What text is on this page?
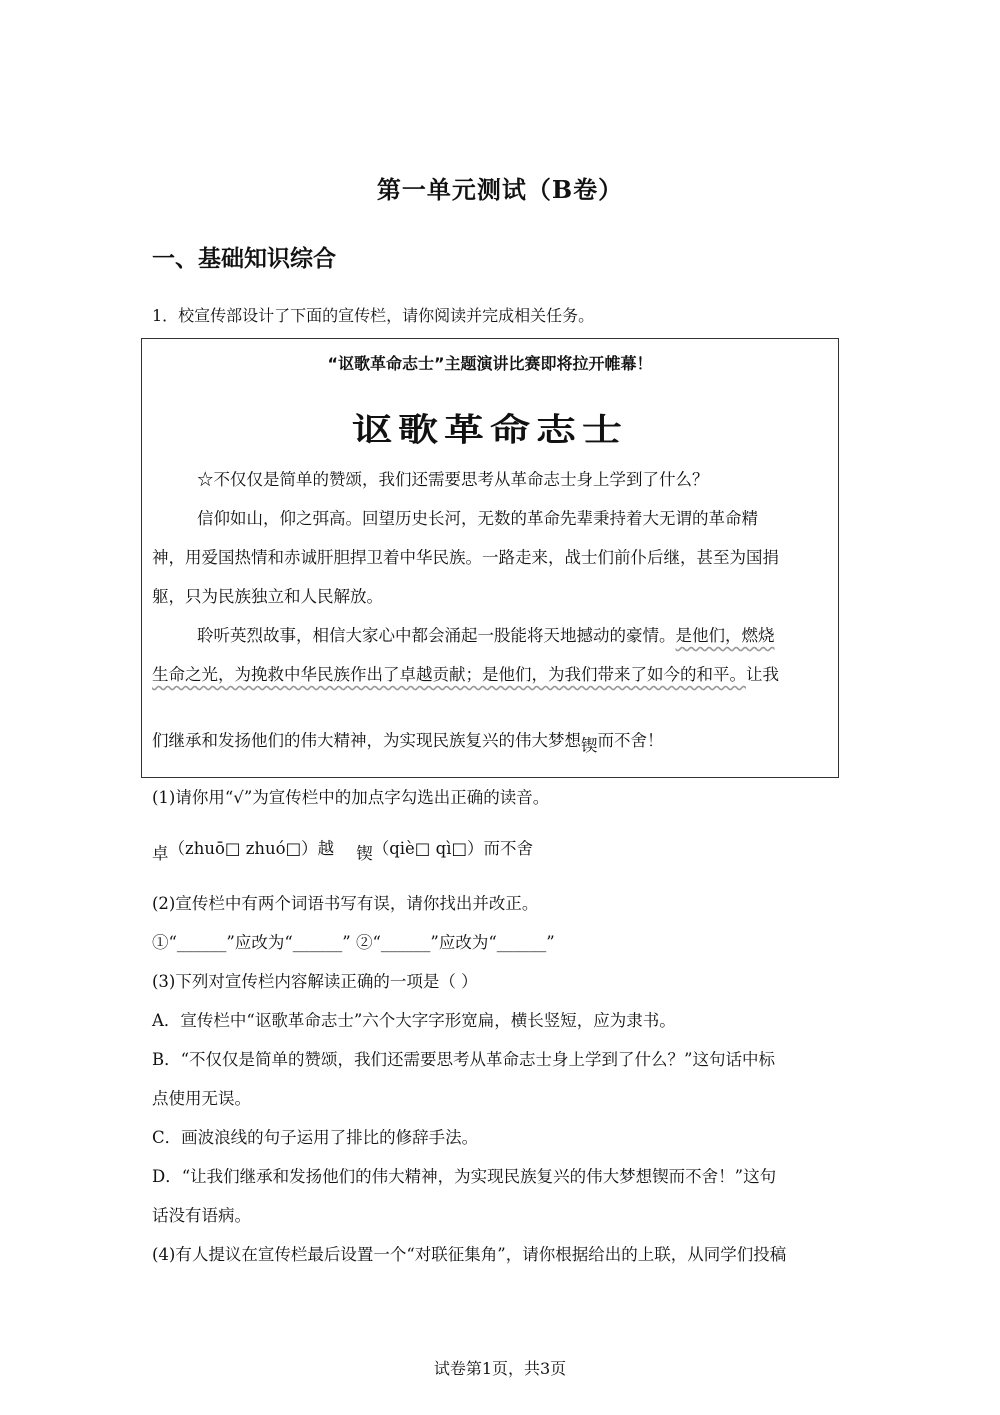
第一单元测试（B卷）
一、基础知识综合
1．校宣传部设计了下面的宣传栏，请你阅读并完成相关任务。
“讴歌革命志士”主题演讲比赛即将拉开帷幕！
讴歌革命志士
☆不仅仅是简单的赞颂，我们还需要思考从革命志士身上学到了什么？
信仰如山，仰之弭高。回望历史长河，无数的革命先辈秉持着大无谓的革命精
神，用爱国热情和赤诚肝胆捍卫着中华民族。一路走来，战士们前仆后继，甚至为国捐
躯，只为民族独立和人民解放。
聆听英烈故事，相信大家心中都会涌起一股能将天地撼动的豪情。是他们，燃烧
生命之光，为挽救中华民族作出了卓越贡献；是他们，为我们带来了如今的和平。让我
们继承和发扬他们的伟大精神，为实现民族复兴的伟大梦想锲而不舍！
(1)请你用“√”为宣传栏中的加点字勾选出正确的读音。
卓（zhuō□ zhuó□）越 锲（qiè□ qì□）而不舍
(2)宣传栏中有两个词语书写有误，请你找出并改正。
①“______”应改为“______” ②“______”应改为“______”
(3)下列对宣传栏内容解读正确的一项是（ ）
A．宣传栏中“讴歌革命志士”六个大字字形宽扁，横长竖短，应为隶书。
B．“不仅仅是简单的赞颂，我们还需要思考从革命志士身上学到了什么？”这句话中标
点使用无误。
C．画波浪线的句子运用了排比的修辞手法。
D．“让我们继承和发扬他们的伟大精神，为实现民族复兴的伟大梦想锲而不舍！”这句
话没有语病。
(4)有人提议在宣传栏最后设置一个“对联征集角”，请你根据给出的上联，从同学们投稿
试卷第1页，共3页
